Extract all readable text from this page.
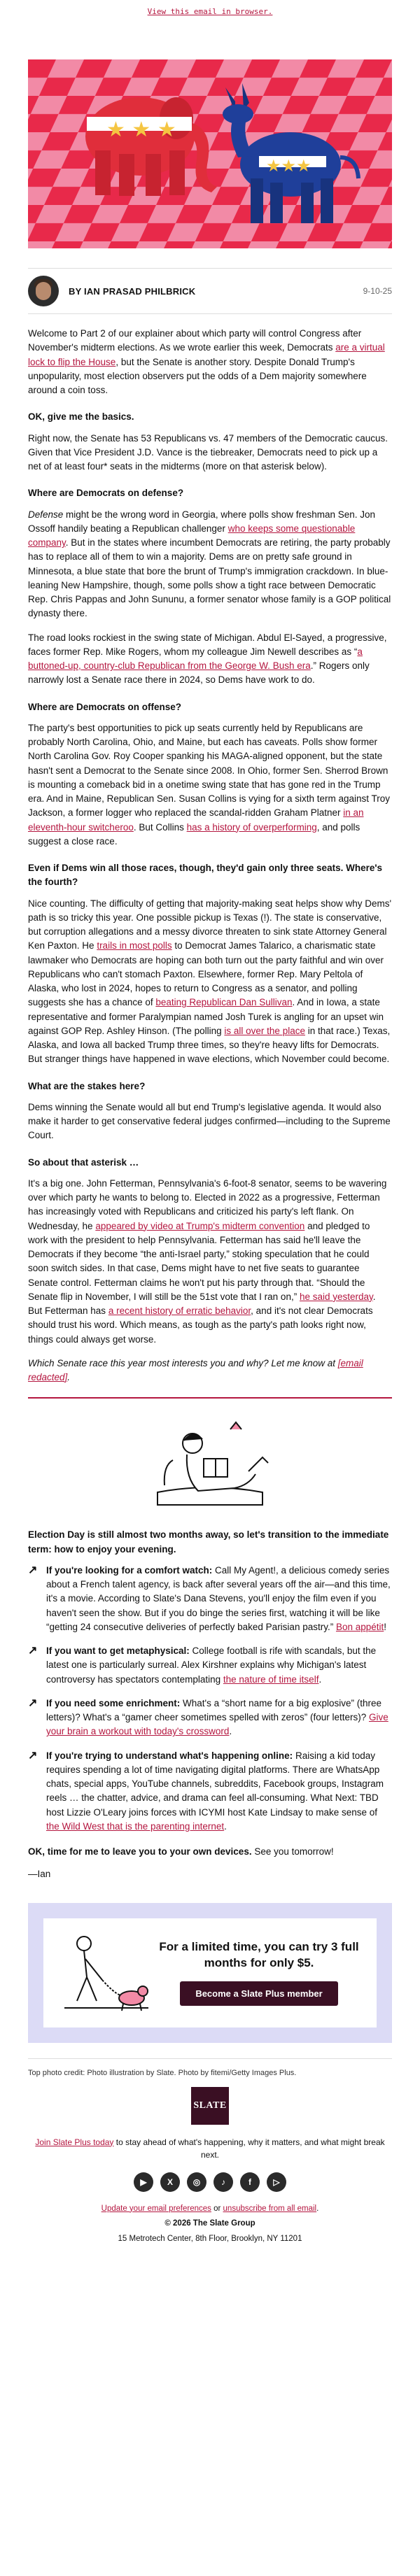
View this email in browser.
★ ★ ★
★★★
BY IAN PRASAD PHILBRICK	9-10-25

Welcome to Part 2 of our explainer about which party will control Congress after November's midterm elections. As we wrote earlier this week, Democrats are a virtual lock to flip the House, but the Senate is another story. Despite Donald Trump's unpopularity, most election observers put the odds of a Dem majority somewhere around a coin toss.

OK, give me the basics.

Right now, the Senate has 53 Republicans vs. 47 members of the Democratic caucus. Given that Vice President J.D. Vance is the tiebreaker, Democrats need to pick up a net of at least four* seats in the midterms (more on that asterisk below).

Where are Democrats on defense?

Defense might be the wrong word in Georgia, where polls show freshman Sen. Jon Ossoff handily beating a Republican challenger who keeps some questionable company. But in the states where incumbent Democrats are retiring, the party probably has to replace all of them to win a majority. Dems are on pretty safe ground in Minnesota, a blue state that bore the brunt of Trump's immigration crackdown. In blue-leaning New Hampshire, though, some polls show a tight race between Democratic Rep. Chris Pappas and John Sununu, a former senator whose family is a GOP political dynasty there.

The road looks rockiest in the swing state of Michigan. Abdul El-Sayed, a progressive, faces former Rep. Mike Rogers, whom my colleague Jim Newell describes as “a buttoned-up, country-club Republican from the George W. Bush era.” Rogers only narrowly lost a Senate race there in 2024, so Dems have work to do.

Where are Democrats on offense?

The party's best opportunities to pick up seats currently held by Republicans are probably North Carolina, Ohio, and Maine, but each has caveats. Polls show former North Carolina Gov. Roy Cooper spanking his MAGA-aligned opponent, but the state hasn't sent a Democrat to the Senate since 2008. In Ohio, former Sen. Sherrod Brown is mounting a comeback bid in a onetime swing state that has gone red in the Trump era. And in Maine, Republican Sen. Susan Collins is vying for a sixth term against Troy Jackson, a former logger who replaced the scandal-ridden Graham Platner in an eleventh-hour switcheroo. But Collins has a history of overperforming, and polls suggest a close race.

Even if Dems win all those races, though, they'd gain only three seats. Where's the fourth?

Nice counting. The difficulty of getting that majority-making seat helps show why Dems' path is so tricky this year. One possible pickup is Texas (!). The state is conservative, but corruption allegations and a messy divorce threaten to sink state Attorney General Ken Paxton. He trails in most polls to Democrat James Talarico, a charismatic state lawmaker who Democrats are hoping can both turn out the party faithful and win over Republicans who can't stomach Paxton. Elsewhere, former Rep. Mary Peltola of Alaska, who lost in 2024, hopes to return to Congress as a senator, and polling suggests she has a chance of beating Republican Dan Sullivan. And in Iowa, a state representative and former Paralympian named Josh Turek is angling for an upset win against GOP Rep. Ashley Hinson. (The polling is all over the place in that race.) Texas, Alaska, and Iowa all backed Trump three times, so they're heavy lifts for Democrats. But stranger things have happened in wave elections, which November could become.

What are the stakes here?

Dems winning the Senate would all but end Trump's legislative agenda. It would also make it harder to get conservative federal judges confirmed—including to the Supreme Court.

So about that asterisk …

It's a big one. John Fetterman, Pennsylvania's 6-foot-8 senator, seems to be wavering over which party he wants to belong to. Elected in 2022 as a progressive, Fetterman has increasingly voted with Republicans and criticized his party's left flank. On Wednesday, he appeared by video at Trump's midterm convention and pledged to work with the president to help Pennsylvania. Fetterman has said he'll leave the Democrats if they become “the anti-Israel party,” stoking speculation that he could soon switch sides. In that case, Dems might have to net five seats to guarantee Senate control. Fetterman claims he won't put his party through that. “Should the Senate flip in November, I will still be the 51st vote that I ran on,” he said yesterday. But Fetterman has a recent history of erratic behavior, and it's not clear Democrats should trust his word. Which means, as tough as the party's path looks right now, things could always get worse.

Which Senate race this year most interests you and why? Let me know at [email redacted].

Election Day is still almost two months away, so let's transition to the immediate term: how to enjoy your evening.

↗ If you're looking for a comfort watch: Call My Agent!, a delicious comedy series about a French talent agency, is back after several years off the air—and this time, it's a movie. According to Slate's Dana Stevens, you'll enjoy the film even if you haven't seen the show. But if you do binge the series first, watching it will be like “getting 24 consecutive deliveries of perfectly baked Parisian pastry.” Bon appétit!
↗ If you want to get metaphysical: College football is rife with scandals, but the latest one is particularly surreal. Alex Kirshner explains why Michigan's latest controversy has spectators contemplating the nature of time itself.
↗ If you need some enrichment: What's a “short name for a big explosive” (three letters)? What's a “gamer cheer sometimes spelled with zeros” (four letters)? Give your brain a workout with today's crossword.
↗ If you're trying to understand what's happening online: Raising a kid today requires spending a lot of time navigating digital platforms. There are WhatsApp chats, special apps, YouTube channels, subreddits, Facebook groups, Instagram reels … the chatter, advice, and drama can feel all-consuming. What Next: TBD host Lizzie O'Leary joins forces with ICYMI host Kate Lindsay to make sense of the Wild West that is the parenting internet.

OK, time for me to leave you to your own devices. See you tomorrow!

—Ian

For a limited time, you can try 3 full months for only $5.
Become a Slate Plus member
Top photo credit: Photo illustration by Slate. Photo by fitemi/Getty Images Plus.
SLATE
Join Slate Plus today to stay ahead of what's happening, why it matters, and what might break next.
▶	X	◎	♪	f	▷
Update your email preferences or unsubscribe from all email.
© 2026 The Slate Group
15 Metrotech Center, 8th Floor, Brooklyn, NY 11201
